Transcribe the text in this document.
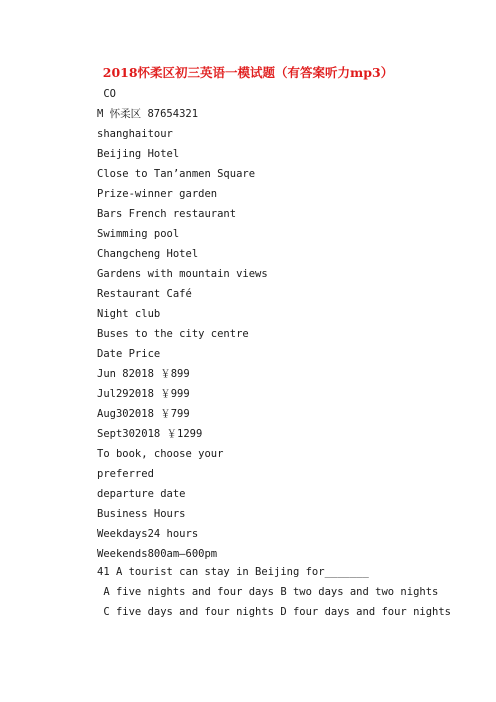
2018怀柔区初三英语一模试题（有答案听力mp3）
CO
M 怀柔区 87654321
shanghaitour
Beijing Hotel
Close to Tan’anmen Square
Prize-winner garden
Bars French restaurant
Swimming pool
Changcheng Hotel
Gardens with mountain views
Restaurant Café
Night club
Buses to the city centre
Date Price
Jun 82018 ￥899
Jul292018 ￥999
Aug302018 ￥799
Sept302018 ￥1299
To book, choose your
preferred
departure date
Business Hours
Weekdays24 hours
Weekends800am—600pm
41 A tourist can stay in Beijing for_______
A five nights and four days B two days and two nights
C five days and four nights D four days and four nights
